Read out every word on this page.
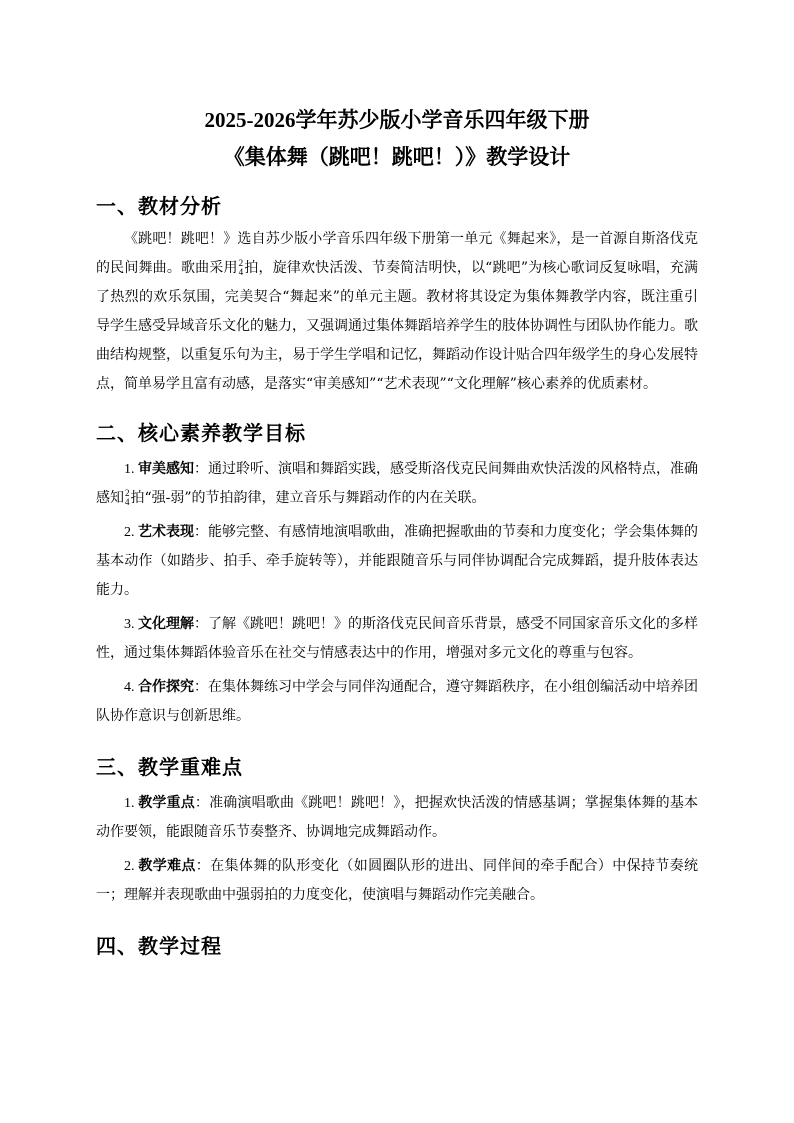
2025-2026学年苏少版小学音乐四年级下册
《集体舞（跳吧！跳吧！）》教学设计
一、教材分析

《跳吧！跳吧！》选自苏少版小学音乐四年级下册第一单元《舞起来》，是一首源自斯洛伐克的民间舞曲。歌曲采用 2
4 拍，旋律欢快活泼、节奏简洁明快，以“跳吧”为核心歌词反复咏唱，充满了热烈的欢乐氛围，完美契合“舞起来”的单元主题。教材将其设定为集体舞教学内容，既注重引导学生感受异域音乐文化的魅力，又强调通过集体舞蹈培养学生的肢体协调性与团队协作能力。歌曲结构规整，以重复乐句为主，易于学生学唱和记忆，舞蹈动作设计贴合四年级学生的身心发展特点，简单易学且富有动感，是落实“审美感知”“艺术表现”“文化理解”核心素养的优质素材。

二、核心素养教学目标

1. 审美感知：通过聆听、演唱和舞蹈实践，感受斯洛伐克民间舞曲欢快活泼的风格特点，准确感知 2
4 拍“强-弱”的节拍韵律，建立音乐与舞蹈动作的内在关联。

2. 艺术表现：能够完整、有感情地演唱歌曲，准确把握歌曲的节奏和力度变化；学会集体舞的基本动作（如踏步、拍手、牵手旋转等），并能跟随音乐与同伴协调配合完成舞蹈，提升肢体表达能力。

3. 文化理解：了解《跳吧！跳吧！》的斯洛伐克民间音乐背景，感受不同国家音乐文化的多样性，通过集体舞蹈体验音乐在社交与情感表达中的作用，增强对多元文化的尊重与包容。

4. 合作探究：在集体舞练习中学会与同伴沟通配合，遵守舞蹈秩序，在小组创编活动中培养团队协作意识与创新思维。

三、教学重难点

1. 教学重点：准确演唱歌曲《跳吧！跳吧！》，把握欢快活泼的情感基调；掌握集体舞的基本动作要领，能跟随音乐节奏整齐、协调地完成舞蹈动作。

2. 教学难点：在集体舞的队形变化（如圆圈队形的进出、同伴间的牵手配合）中保持节奏统一；理解并表现歌曲中强弱拍的力度变化，使演唱与舞蹈动作完美融合。

四、教学过程
